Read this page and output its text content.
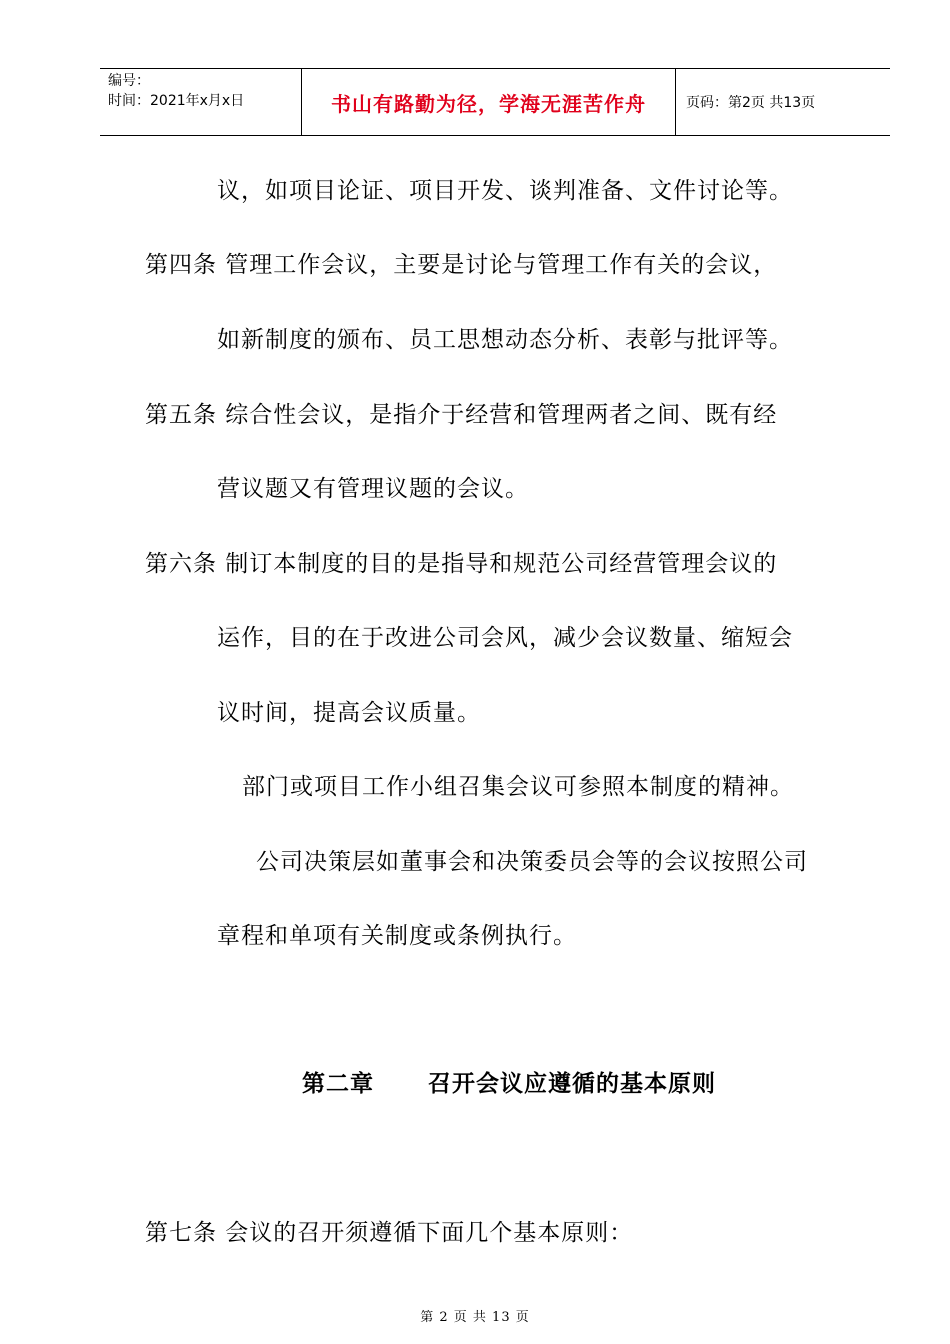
编号：
时间：2021年x月x日	书山有路勤为径，学海无涯苦作舟	页码：第2页 共13页
议，如项目论证、项目开发、谈判准备、文件讨论等。
第四条 管理工作会议，主要是讨论与管理工作有关的会议，
如新制度的颁布、员工思想动态分析、表彰与批评等。
第五条 综合性会议，是指介于经营和管理两者之间、既有经
营议题又有管理议题的会议。
第六条 制订本制度的目的是指导和规范公司经营管理会议的
运作，目的在于改进公司会风，减少会议数量、缩短会
议时间，提高会议质量。
部门或项目工作小组召集会议可参照本制度的精神。
公司决策层如董事会和决策委员会等的会议按照公司
章程和单项有关制度或条例执行。
第二章      召开会议应遵循的基本原则
第七条 会议的召开须遵循下面几个基本原则：
第 2 页 共 13 页
